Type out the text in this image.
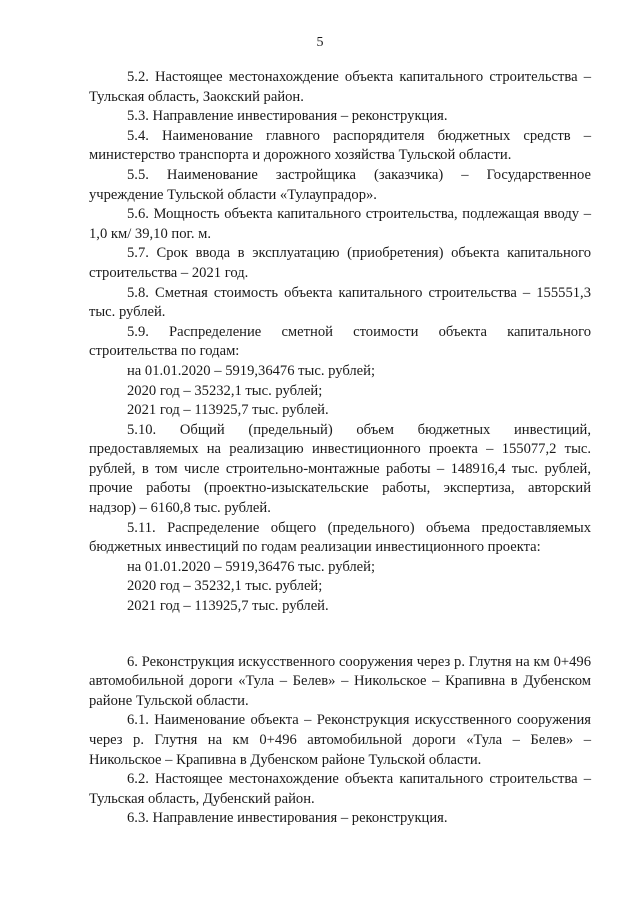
5

5.2. Настоящее местонахождение объекта капитального строительства – Тульская область, Заокский район.

5.3. Направление инвестирования – реконструкция.

5.4. Наименование главного распорядителя бюджетных средств – министерство транспорта и дорожного хозяйства Тульской области.

5.5. Наименование застройщика (заказчика) – Государственное учреждение Тульской области «Тулаупрадор».

5.6. Мощность объекта капитального строительства, подлежащая вводу – 1,0 км/ 39,10 пог. м.

5.7. Срок ввода в эксплуатацию (приобретения) объекта капитального строительства – 2021 год.

5.8. Сметная стоимость объекта капитального строительства – 155551,3 тыс. рублей.

5.9. Распределение сметной стоимости объекта капитального строительства по годам:

на 01.01.2020 – 5919,36476 тыс. рублей;

2020 год – 35232,1 тыс. рублей;

2021 год – 113925,7 тыс. рублей.

5.10. Общий (предельный) объем бюджетных инвестиций, предоставляемых на реализацию инвестиционного проекта – 155077,2 тыс. рублей, в том числе строительно-монтажные работы – 148916,4 тыс. рублей, прочие работы (проектно-изыскательские работы, экспертиза, авторский надзор) – 6160,8 тыс. рублей.

5.11. Распределение общего (предельного) объема предоставляемых бюджетных инвестиций по годам реализации инвестиционного проекта:

на 01.01.2020 – 5919,36476 тыс. рублей;

2020 год – 35232,1 тыс. рублей;

2021 год – 113925,7 тыс. рублей.

6. Реконструкция искусственного сооружения через р. Глутня на км 0+496 автомобильной дороги «Тула – Белев» – Никольское – Крапивна в Дубенском районе Тульской области.

6.1. Наименование объекта – Реконструкция искусственного сооружения через р. Глутня на км 0+496 автомобильной дороги «Тула – Белев» – Никольское – Крапивна в Дубенском районе Тульской области.

6.2. Настоящее местонахождение объекта капитального строительства – Тульская область, Дубенский район.

6.3. Направление инвестирования – реконструкция.
